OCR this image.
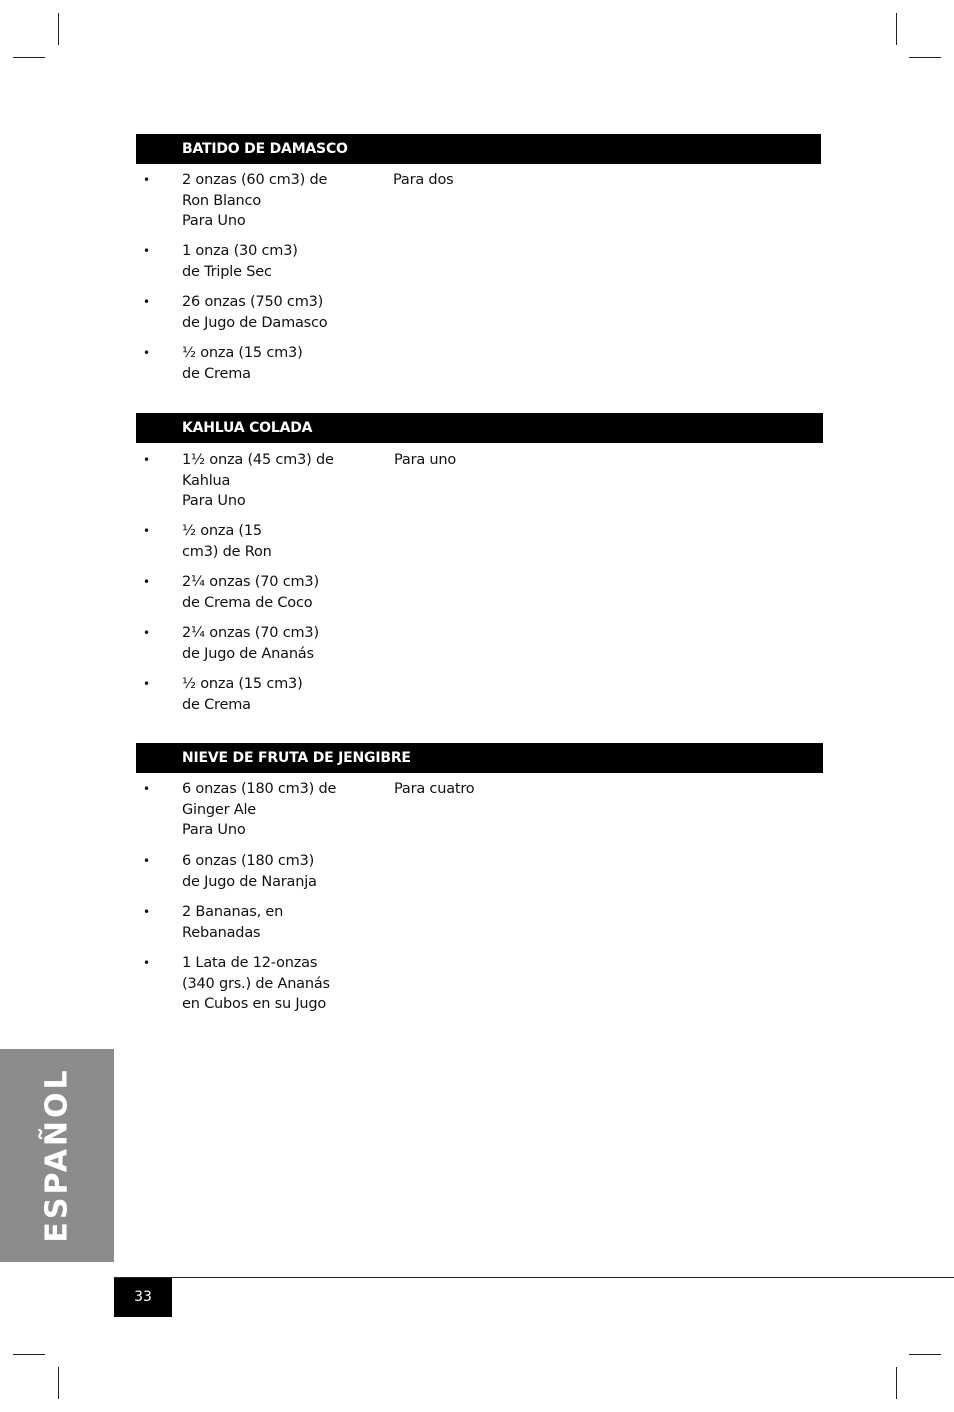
BATIDO DE DAMASCO
Para dos
• 2 onzas (60 cm3) de
Ron Blanco
Para Uno
• 1 onza (30 cm3)
de Triple Sec
• 26 onzas (750 cm3)
de Jugo de Damasco
• ½ onza (15 cm3)
de Crema
KAHLUA COLADA
Para uno
• 1½ onza (45 cm3) de
Kahlua
Para Uno
• ½ onza (15
cm3) de Ron
• 2¼ onzas (70 cm3)
de Crema de Coco
• 2¼ onzas (70 cm3)
de Jugo de Ananás
• ½ onza (15 cm3)
de Crema
NIEVE DE FRUTA DE JENGIBRE
Para cuatro
• 6 onzas (180 cm3) de
Ginger Ale
Para Uno
• 6 onzas (180 cm3)
de Jugo de Naranja
• 2 Bananas, en
Rebanadas
• 1 Lata de 12-onzas
(340 grs.) de Ananás
en Cubos en su Jugo
ESPAÑOL
33
